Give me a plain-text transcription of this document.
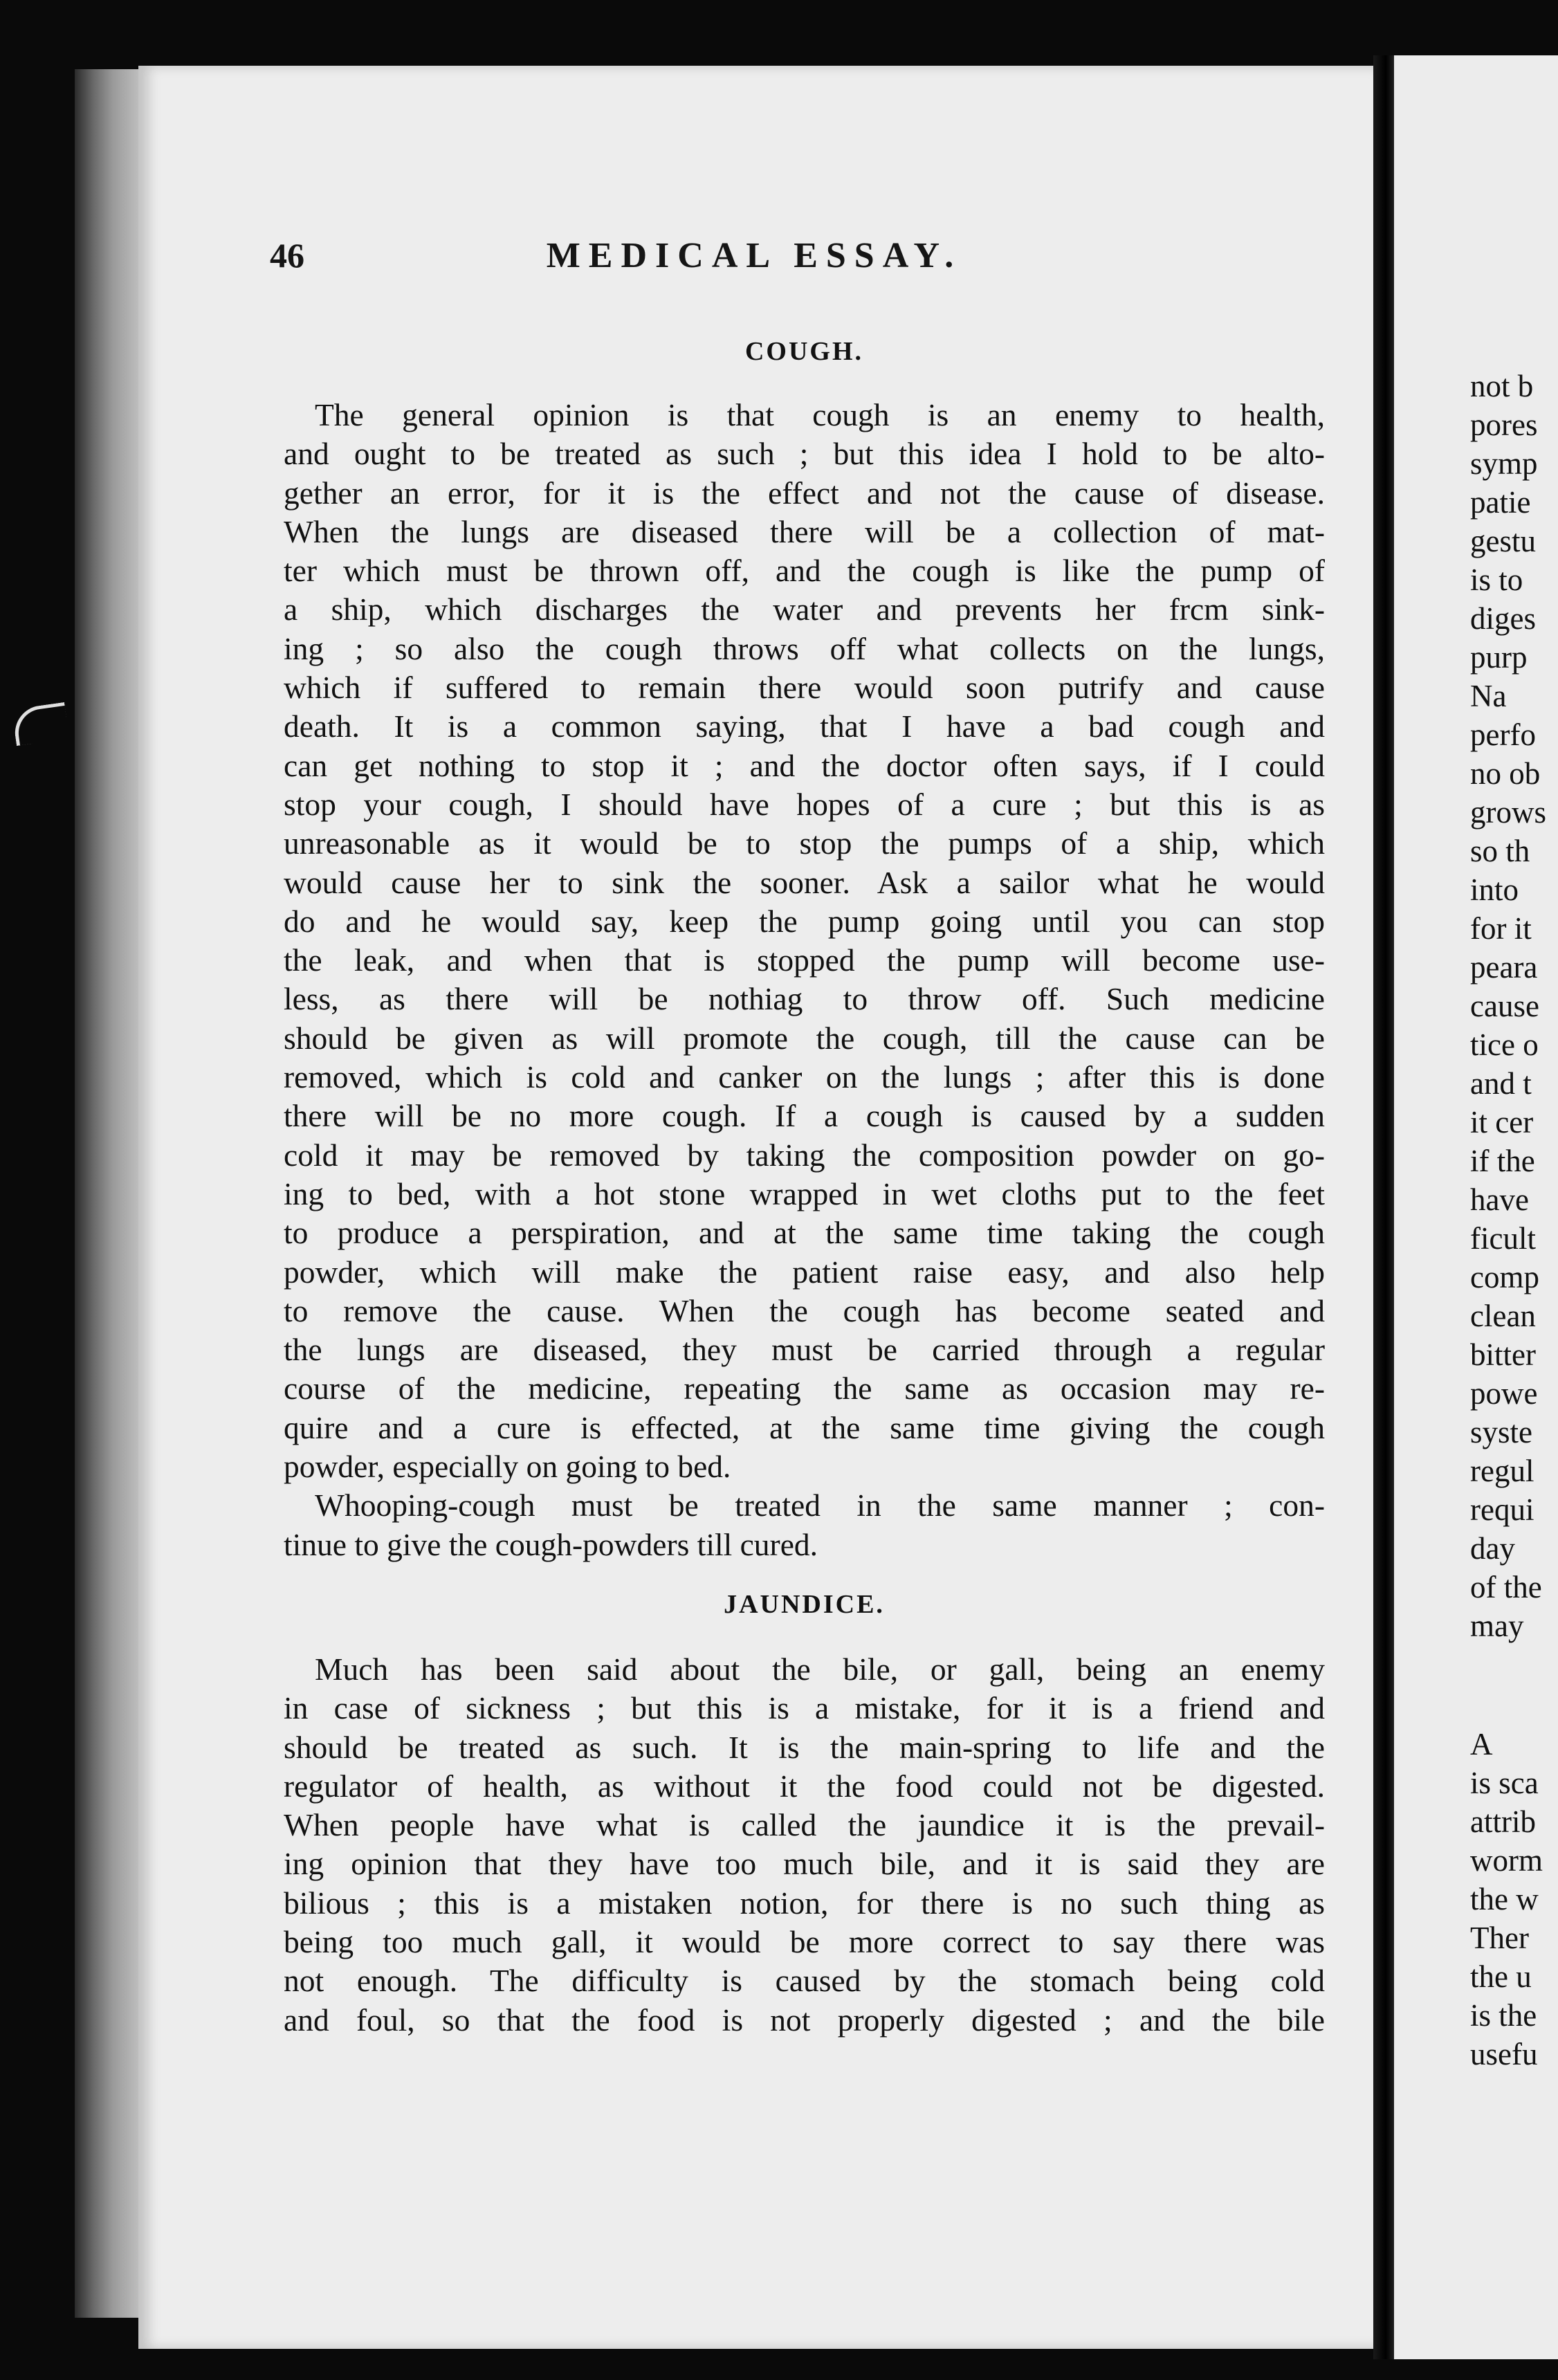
46	MEDICAL ESSAY.
COUGH.
The general opinion is that cough is an enemy to health,
and ought to be treated as such ; but this idea I hold to be alto-
gether an error, for it is the effect and not the cause of disease.
When the lungs are diseased there will be a collection of mat-
ter which must be thrown off, and the cough is like the pump of
a ship, which discharges the water and prevents her frcm sink-
ing ; so also the cough throws off what collects on the lungs,
which if suffered to remain there would soon putrify and cause
death. It is a common saying, that I have a bad cough and
can get nothing to stop it ; and the doctor often says, if I could
stop your cough, I should have hopes of a cure ; but this is as
unreasonable as it would be to stop the pumps of a ship, which
would cause her to sink the sooner. Ask a sailor what he would
do and he would say, keep the pump going until you can stop
the leak, and when that is stopped the pump will become use-
less, as there will be nothiag to throw off. Such medicine
should be given as will promote the cough, till the cause can be
removed, which is cold and canker on the lungs ; after this is done
there will be no more cough. If a cough is caused by a sudden
cold it may be removed by taking the composition powder on go-
ing to bed, with a hot stone wrapped in wet cloths put to the feet
to produce a perspiration, and at the same time taking the cough
powder, which will make the patient raise easy, and also help
to remove the cause. When the cough has become seated and
the lungs are diseased, they must be carried through a regular
course of the medicine, repeating the same as occasion may re-
quire and a cure is effected, at the same time giving the cough
powder, especially on going to bed.
Whooping-cough must be treated in the same manner ; con-
tinue to give the cough-powders till cured.
JAUNDICE.
Much has been said about the bile, or gall, being an enemy
in case of sickness ; but this is a mistake, for it is a friend and
should be treated as such. It is the main-spring to life and the
regulator of health, as without it the food could not be digested.
When people have what is called the jaundice it is the prevail-
ing opinion that they have too much bile, and it is said they are
bilious ; this is a mistaken notion, for there is no such thing as
being too much gall, it would be more correct to say there was
not enough. The difficulty is caused by the stomach being cold
and foul, so that the food is not properly digested ; and the bile
not b
pores
symp
patie
gestu
is to
diges
purp
Na
perfo
no ob
grows
so th
into
for it
peara
cause
tice o
and t
it cer
if the
have
ficult
comp
clean
bitter
powe
syste
regul
requi
day
of the
may
A
is sca
attrib
worm
the w
Ther
the u
is the
usefu
